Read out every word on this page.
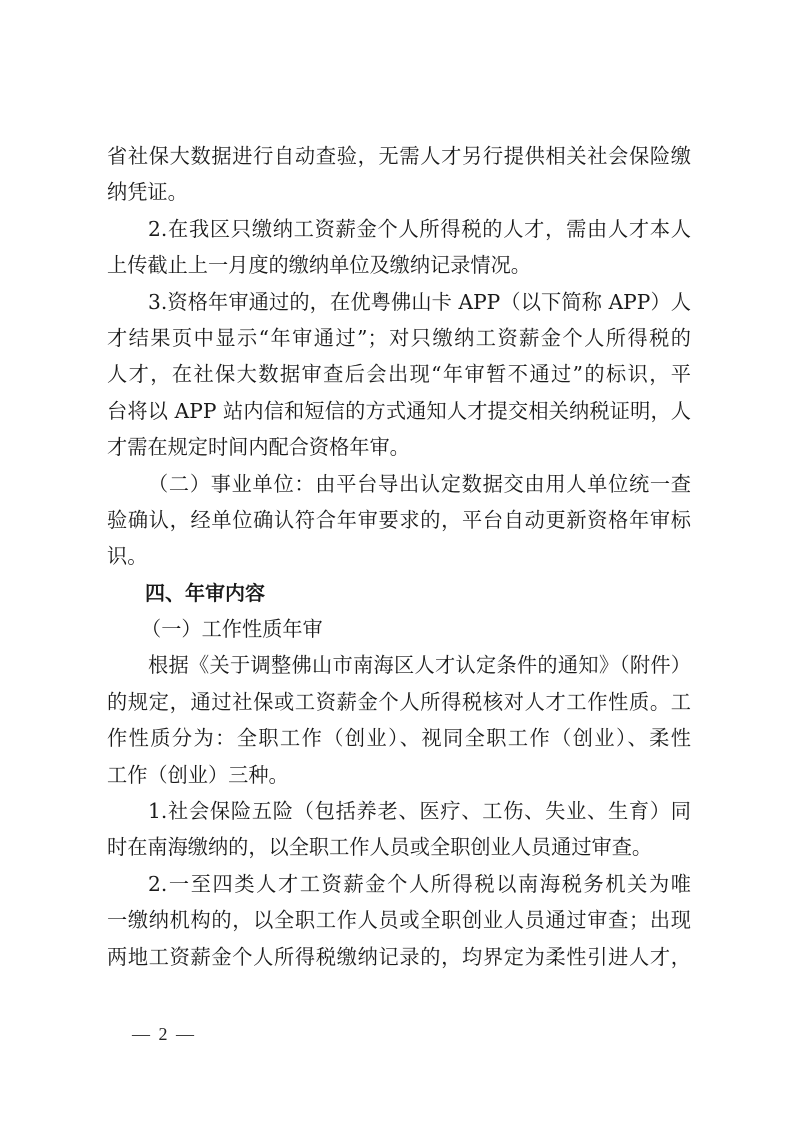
省社保大数据进行自动查验，无需人才另行提供相关社会保险缴
纳凭证。
2.在我区只缴纳工资薪金个人所得税的人才，需由人才本人
上传截止上一月度的缴纳单位及缴纳记录情况。
3.资格年审通过的，在优粤佛山卡 APP（以下简称 APP）人
才结果页中显示“年审通过”；对只缴纳工资薪金个人所得税的
人才，在社保大数据审查后会出现“年审暂不通过”的标识，平
台将以 APP 站内信和短信的方式通知人才提交相关纳税证明，人
才需在规定时间内配合资格年审。
（二）事业单位：由平台导出认定数据交由用人单位统一查
验确认，经单位确认符合年审要求的，平台自动更新资格年审标
识。
四、年审内容
（一）工作性质年审
根据《关于调整佛山市南海区人才认定条件的通知》（附件）
的规定，通过社保或工资薪金个人所得税核对人才工作性质。工
作性质分为：全职工作（创业）、视同全职工作（创业）、柔性
工作（创业）三种。
1.社会保险五险（包括养老、医疗、工伤、失业、生育）同
时在南海缴纳的，以全职工作人员或全职创业人员通过审查。
2.一至四类人才工资薪金个人所得税以南海税务机关为唯
一缴纳机构的，以全职工作人员或全职创业人员通过审查；出现
两地工资薪金个人所得税缴纳记录的，均界定为柔性引进人才，
— 2 —
